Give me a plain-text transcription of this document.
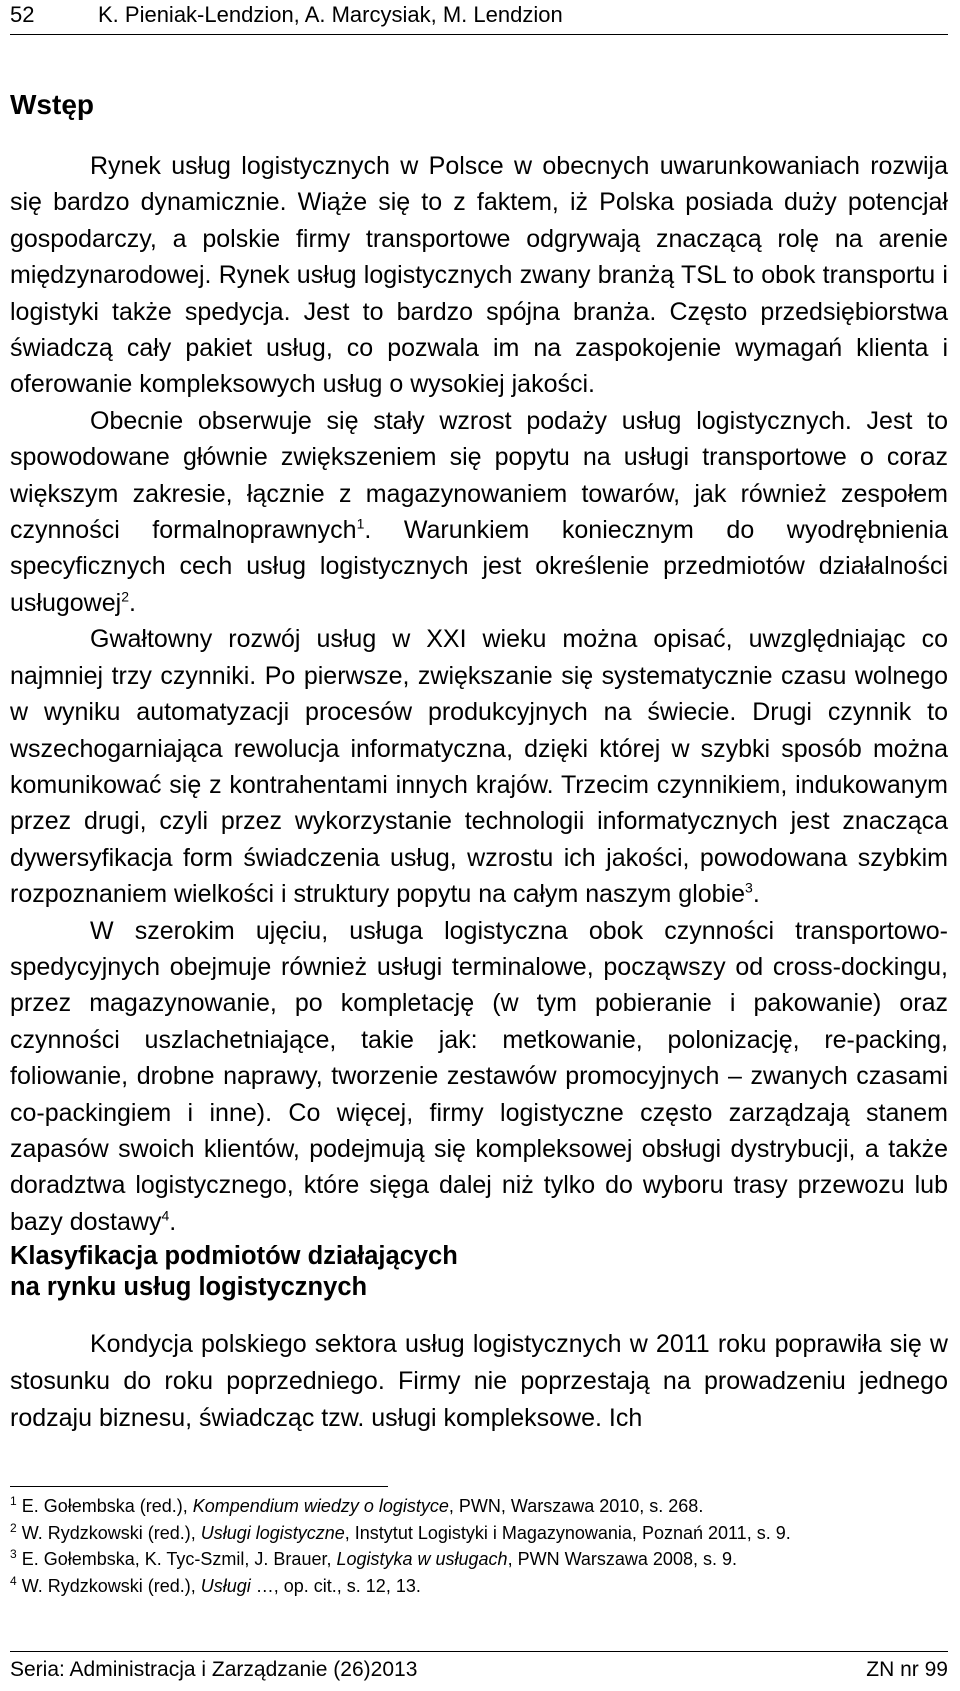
52	K. Pieniak-Lendzion, A. Marcysiak, M. Lendzion
Wstęp

Rynek usług logistycznych w Polsce w obecnych uwarunkowaniach rozwija się bardzo dynamicznie. Wiąże się to z faktem, iż Polska posiada duży potencjał gospodarczy, a polskie firmy transportowe odgrywają znaczącą rolę na arenie międzynarodowej. Rynek usług logistycznych zwany branżą TSL to obok transportu i logistyki także spedycja. Jest to bardzo spójna branża. Często przedsiębiorstwa świadczą cały pakiet usług, co pozwala im na zaspokojenie wymagań klienta i oferowanie kompleksowych usług o wysokiej jakości.

Obecnie obserwuje się stały wzrost podaży usług logistycznych. Jest to spowodowane głównie zwiększeniem się popytu na usługi transportowe o coraz większym zakresie, łącznie z magazynowaniem towarów, jak również zespołem czynności formalnoprawnych$^1$. Warunkiem koniecznym do wyodrębnienia specyficznych cech usług logistycznych jest określenie przedmiotów działalności usługowej$^2$.

Gwałtowny rozwój usług w XXI wieku można opisać, uwzględniając co najmniej trzy czynniki. Po pierwsze, zwiększanie się systematycznie czasu wolnego w wyniku automatyzacji procesów produkcyjnych na świecie. Drugi czynnik to wszechogarniająca rewolucja informatyczna, dzięki której w szybki sposób można komunikować się z kontrahentami innych krajów. Trzecim czynnikiem, indukowanym przez drugi, czyli przez wykorzystanie technologii informatycznych jest znacząca dywersyfikacja form świadczenia usług, wzrostu ich jakości, powodowana szybkim rozpoznaniem wielkości i struktury popytu na całym naszym globie$^3$.

W szerokim ujęciu, usługa logistyczna obok czynności transportowo-spedycyjnych obejmuje również usługi terminalowe, począwszy od cross-dockingu, przez magazynowanie, po kompletację (w tym pobieranie i pakowanie) oraz czynności uszlachetniające, takie jak: metkowanie, polonizację, re-packing, foliowanie, drobne naprawy, tworzenie zestawów promocyjnych – zwanych czasami co-packingiem i inne). Co więcej, firmy logistyczne często zarządzają stanem zapasów swoich klientów, podejmują się kompleksowej obsługi dystrybucji, a także doradztwa logistycznego, które sięga dalej niż tylko do wyboru trasy przewozu lub bazy dostawy$^4$.

Klasyfikacja podmiotów działających
na rynku usług logistycznych

Kondycja polskiego sektora usług logistycznych w 2011 roku poprawiła się w stosunku do roku poprzedniego. Firmy nie poprzestają na prowadzeniu jednego rodzaju biznesu, świadcząc tzw. usługi kompleksowe. Ich

$^1$ E. Gołembska (red.), Kompendium wiedzy o logistyce, PWN, Warszawa 2010, s. 268.
$^2$ W. Rydzkowski (red.), Usługi logistyczne, Instytut Logistyki i Magazynowania, Poznań 2011, s. 9.
$^3$ E. Gołembska, K. Tyc-Szmil, J. Brauer, Logistyka w usługach, PWN Warszawa 2008, s. 9.
$^4$ W. Rydzkowski (red.), Usługi …, op. cit., s. 12, 13.
Seria: Administracja i Zarządzanie (26)2013	ZN nr 99
